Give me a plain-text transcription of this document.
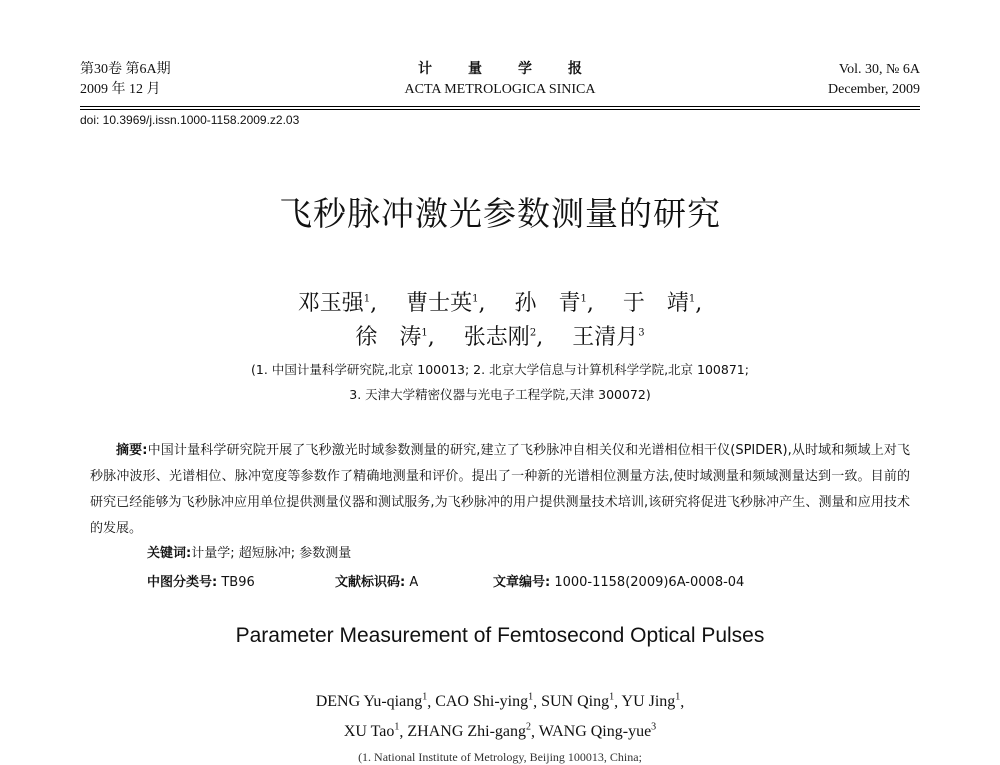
第30卷 第6A期
2009 年 12 月
计量学报
ACTA METROLOGICA SINICA
Vol. 30, № 6A
December, 2009
doi: 10.3969/j.issn.1000-1158.2009.z2.03
飞秒脉冲激光参数测量的研究
邓玉强$^1$,　 曹士英$^1$,　 孙　青$^1$,　 于　靖$^1$,
徐　涛$^1$,　 张志刚$^2$,　 王清月$^3$
(1. 中国计量科学研究院,北京 100013; 2. 北京大学信息与计算机科学学院,北京 100871;
3. 天津大学精密仪器与光电子工程学院,天津 300072)
摘要:中国计量科学研究院开展了飞秒激光时域参数测量的研究,建立了飞秒脉冲自相关仪和光谱相位相干仪(SPIDER),从时域和频域上对飞秒脉冲波形、光谱相位、脉冲宽度等参数作了精确地测量和评价。提出了一种新的光谱相位测量方法,使时域测量和频域测量达到一致。目前的研究已经能够为飞秒脉冲应用单位提供测量仪器和测试服务,为飞秒脉冲的用户提供测量技术培训,该研究将促进飞秒脉冲产生、测量和应用技术的发展。
关键词:计量学; 超短脉冲; 参数测量
中图分类号: TB96	文献标识码: A	文章编号: 1000-1158(2009)6A-0008-04
Parameter Measurement of Femtosecond Optical Pulses
DENG Yu-qiang$^1$, CAO Shi-ying$^1$, SUN Qing$^1$, YU Jing$^1$,
XU Tao$^1$, ZHANG Zhi-gang$^2$, WANG Qing-yue$^3$
(1. National Institute of Metrology, Beijing 100013, China;
